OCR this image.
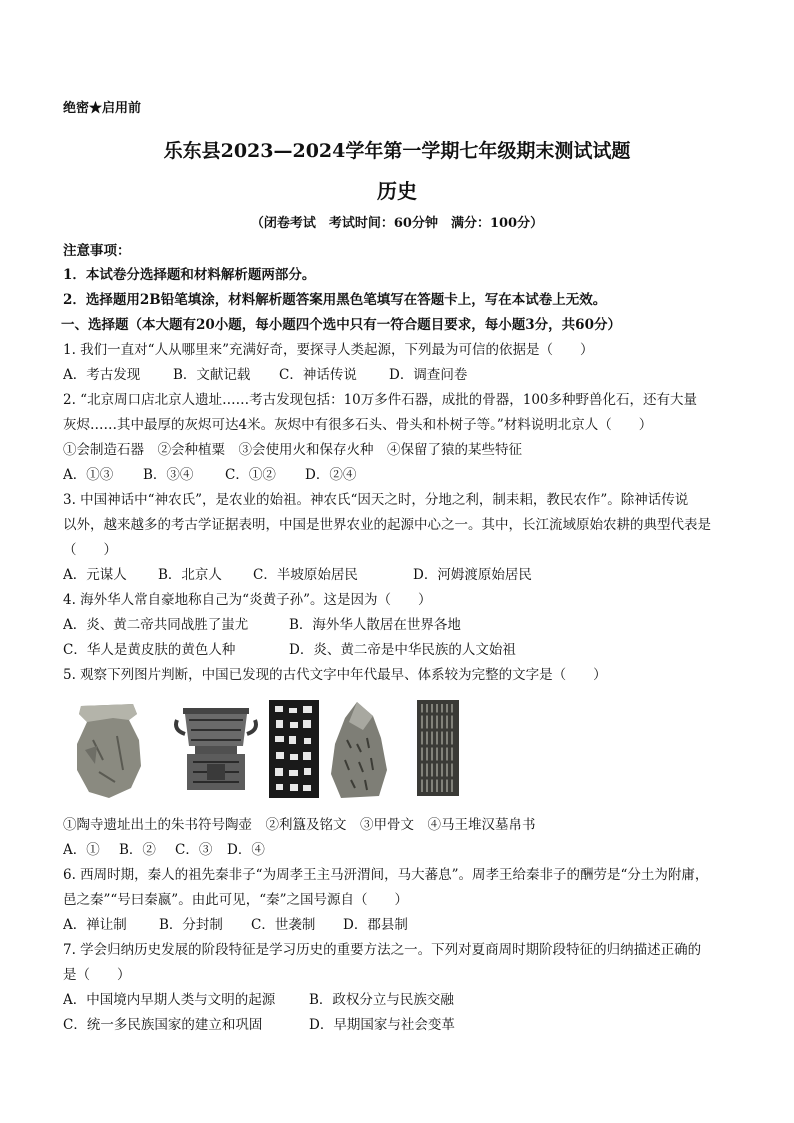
绝密★启用前
乐东县2023—2024学年第一学期七年级期末测试试题
历史
（闭卷考试　考试时间：60分钟　满分：100分）
注意事项：
1．本试卷分选择题和材料解析题两部分。
2．选择题用2B铅笔填涂，材料解析题答案用黑色笔填写在答题卡上，写在本试卷上无效。
一、选择题（本大题有20小题，每小题四个选中只有一符合题目要求，每小题3分，共60分）
1. 我们一直对“人从哪里来”充满好奇，要探寻人类起源，下列最为可信的依据是（　　）
A．考古发现 B．文献记载 C．神话传说 D．调查问卷
2. “北京周口店北京人遗址……考古发现包括：10万多件石器，成批的骨器，100多种野兽化石，还有大量
灰烬……其中最厚的灰烬可达4米。灰烬中有很多石头、骨头和朴树子等。”材料说明北京人（　　）
①会制造石器　②会种植粟　③会使用火和保存火种　④保留了猿的某些特征
A．①③ B．③④ C．①② D．②④
3. 中国神话中“神农氏”，是农业的始祖。神农氏“因天之时，分地之利，制耒耜，教民农作”。除神话传说
以外，越来越多的考古学证据表明，中国是世界农业的起源中心之一。其中，长江流域原始农耕的典型代表是
（　　）
A．元谋人 B．北京人 C．半坡原始居民	D．河姆渡原始居民
4. 海外华人常自豪地称自己为“炎黄子孙”。这是因为（　　）
A．炎、黄二帝共同战胜了蚩尤	B．海外华人散居在世界各地
C．华人是黄皮肤的黄色人种	D．炎、黄二帝是中华民族的人文始祖
5. 观察下列图片判断，中国已发现的古代文字中年代最早、体系较为完整的文字是（　　）
①陶寺遗址出土的朱书符号陶壶　②利簋及铭文　③甲骨文　④马王堆汉墓帛书
A．① B．② C．③ D．④
6. 西周时期，秦人的祖先秦非子“为周孝王主马汧渭间，马大蕃息”。周孝王给秦非子的酬劳是“分土为附庸，
邑之秦”“号曰秦嬴”。由此可见，“秦”之国号源自（　　）
A．禅让制 B．分封制 C．世袭制 D．郡县制
7. 学会归纳历史发展的阶段特征是学习历史的重要方法之一。下列对夏商周时期阶段特征的归纳描述正确的
是（　　）
A．中国境内早期人类与文明的起源	B．政权分立与民族交融
C．统一多民族国家的建立和巩固	D．早期国家与社会变革
